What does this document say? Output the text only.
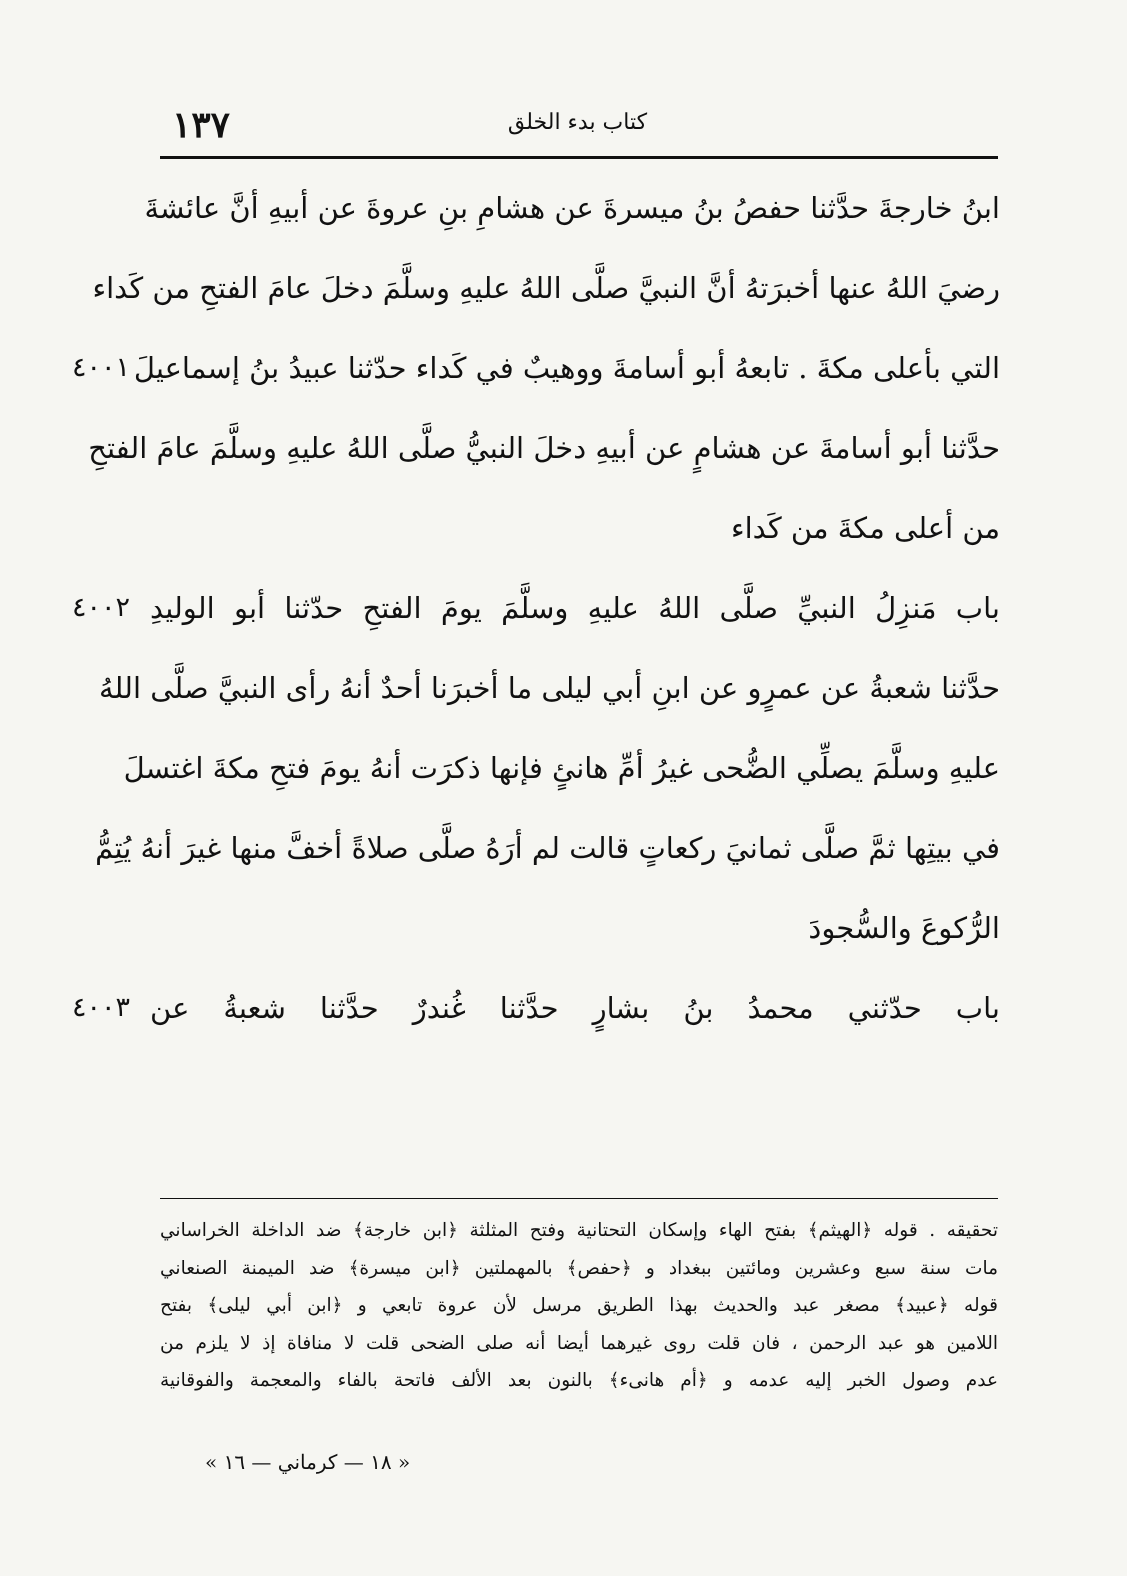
١٣٧	كتاب بدء الخلق
ابنُ خارجةَ حدَّثنا حفصُ بنُ ميسرةَ عن هشامِ بنِ عروةَ عن أبيهِ أنَّ عائشةَ
رضيَ اللهُ عنها أخبرَتهُ أنَّ النبيَّ صلَّى اللهُ عليهِ وسلَّمَ دخلَ عامَ الفتحِ من كَداء
التي بأعلى مكةَ . تابعهُ أبو أسامةَ ووهيبٌ في كَداء حدّثنا عبيدُ بنُ إسماعيلَ
٤٠٠١
حدَّثنا أبو أسامةَ عن هشامٍ عن أبيهِ دخلَ النبيُّ صلَّى اللهُ عليهِ وسلَّمَ عامَ الفتحِ
من أعلى مكةَ من كَداء
باب مَنزِلُ النبيِّ صلَّى اللهُ عليهِ وسلَّمَ يومَ الفتحِ حدّثنا أبو الوليدِ
٤٠٠٢
حدَّثنا شعبةُ عن عمرٍو عن ابنِ أبي ليلى ما أخبرَنا أحدٌ أنهُ رأى النبيَّ صلَّى اللهُ
عليهِ وسلَّمَ يصلِّي الضُّحى غيرُ أمِّ هانئٍ فإنها ذكرَت أنهُ يومَ فتحِ مكةَ اغتسلَ
في بيتِها ثمَّ صلَّى ثمانيَ ركعاتٍ قالت لم أرَهُ صلَّى صلاةً أخفَّ منها غيرَ أنهُ يُتِمُّ
الرُّكوعَ والسُّجودَ
باب حدّثني محمدُ بنُ بشارٍ حدَّثنا غُندرٌ حدَّثنا شعبةُ عن
٤٠٠٣
تحقيقه . قوله ﴿الهيثم﴾ بفتح الهاء وإسكان التحتانية وفتح المثلثة ﴿ابن خارجة﴾ ضد الداخلة الخراساني
مات سنة سبع وعشرين ومائتين ببغداد و ﴿حفص﴾ بالمهملتين ﴿ابن ميسرة﴾ ضد الميمنة الصنعاني
قوله ﴿عبيد﴾ مصغر عبد والحديث بهذا الطريق مرسل لأن عروة تابعي و ﴿ابن أبي ليلى﴾ بفتح
اللامين هو عبد الرحمن ، فان قلت روى غيرهما أيضا أنه صلى الضحى قلت لا منافاة إذ لا يلزم من
عدم وصول الخبر إليه عدمه و ﴿أم هانىء﴾ بالنون بعد الألف فاتحة بالفاء والمعجمة والفوقانية
« ١٨ — كرماني — ١٦ »
